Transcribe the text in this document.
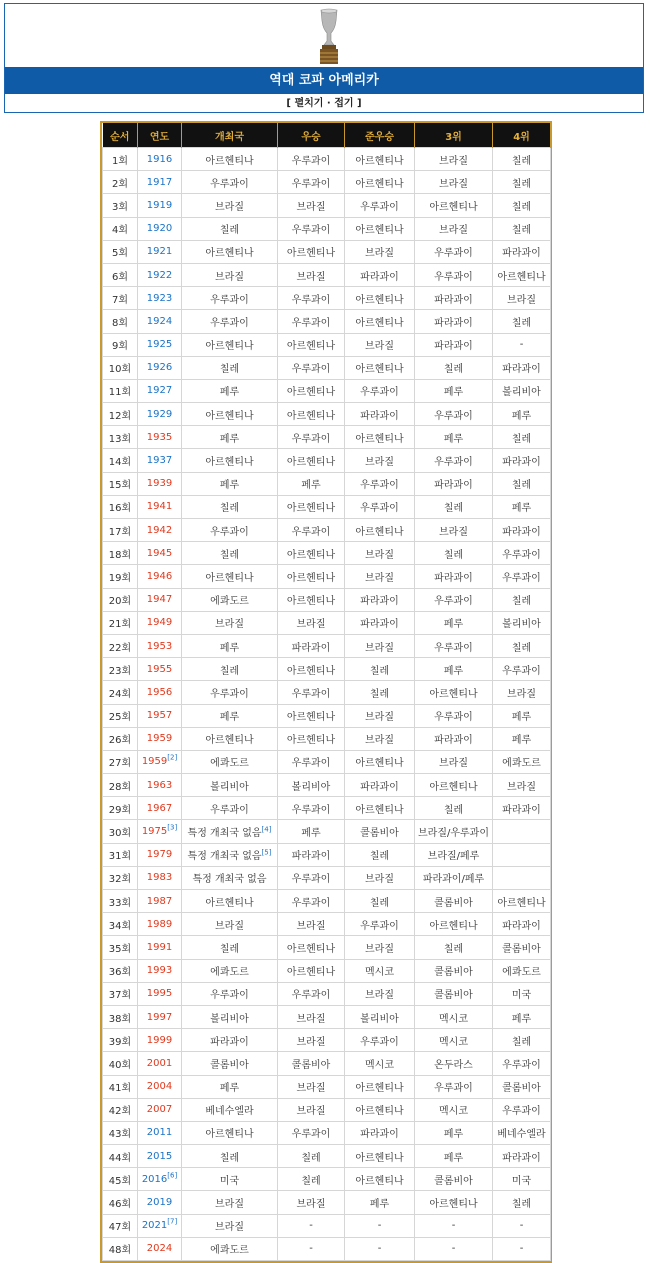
역대 코파 아메리카
[ 펼치기 · 접기 ]
순서	연도	개최국	우승	준우승	3위	4위
1회	1916	아르헨티나	우루과이	아르헨티나	브라질	칠레
2회	1917	우루과이	우루과이	아르헨티나	브라질	칠레
3회	1919	브라질	브라질	우루과이	아르헨티나	칠레
4회	1920	칠레	우루과이	아르헨티나	브라질	칠레
5회	1921	아르헨티나	아르헨티나	브라질	우루과이	파라과이
6회	1922	브라질	브라질	파라과이	우루과이	아르헨티나
7회	1923	우루과이	우루과이	아르헨티나	파라과이	브라질
8회	1924	우루과이	우루과이	아르헨티나	파라과이	칠레
9회	1925	아르헨티나	아르헨티나	브라질	파라과이	-
10회	1926	칠레	우루과이	아르헨티나	칠레	파라과이
11회	1927	페루	아르헨티나	우루과이	페루	볼리비아
12회	1929	아르헨티나	아르헨티나	파라과이	우루과이	페루
13회	1935	페루	우루과이	아르헨티나	페루	칠레
14회	1937	아르헨티나	아르헨티나	브라질	우루과이	파라과이
15회	1939	페루	페루	우루과이	파라과이	칠레
16회	1941	칠레	아르헨티나	우루과이	칠레	페루
17회	1942	우루과이	우루과이	아르헨티나	브라질	파라과이
18회	1945	칠레	아르헨티나	브라질	칠레	우루과이
19회	1946	아르헨티나	아르헨티나	브라질	파라과이	우루과이
20회	1947	에콰도르	아르헨티나	파라과이	우루과이	칠레
21회	1949	브라질	브라질	파라과이	페루	볼리비아
22회	1953	페루	파라과이	브라질	우루과이	칠레
23회	1955	칠레	아르헨티나	칠레	페루	우루과이
24회	1956	우루과이	우루과이	칠레	아르헨티나	브라질
25회	1957	페루	아르헨티나	브라질	우루과이	페루
26회	1959	아르헨티나	아르헨티나	브라질	파라과이	페루
27회	1959[2]	에콰도르	우루과이	아르헨티나	브라질	에콰도르
28회	1963	볼리비아	볼리비아	파라과이	아르헨티나	브라질
29회	1967	우루과이	우루과이	아르헨티나	칠레	파라과이
30회	1975[3]	특정 개최국 없음[4]	페루	콜롬비아	브라질/우루과이	
31회	1979	특정 개최국 없음[5]	파라과이	칠레	브라질/페루	
32회	1983	특정 개최국 없음	우루과이	브라질	파라과이/페루	
33회	1987	아르헨티나	우루과이	칠레	콜롬비아	아르헨티나
34회	1989	브라질	브라질	우루과이	아르헨티나	파라과이
35회	1991	칠레	아르헨티나	브라질	칠레	콜롬비아
36회	1993	에콰도르	아르헨티나	멕시코	콜롬비아	에콰도르
37회	1995	우루과이	우루과이	브라질	콜롬비아	미국
38회	1997	볼리비아	브라질	볼리비아	멕시코	페루
39회	1999	파라과이	브라질	우루과이	멕시코	칠레
40회	2001	콜롬비아	콜롬비아	멕시코	온두라스	우루과이
41회	2004	페루	브라질	아르헨티나	우루과이	콜롬비아
42회	2007	베네수엘라	브라질	아르헨티나	멕시코	우루과이
43회	2011	아르헨티나	우루과이	파라과이	페루	베네수엘라
44회	2015	칠레	칠레	아르헨티나	페루	파라과이
45회	2016[6]	미국	칠레	아르헨티나	콜롬비아	미국
46회	2019	브라질	브라질	페루	아르헨티나	칠레
47회	2021[7]	브라질	-	-	-	-
48회	2024	에콰도르	-	-	-	-
